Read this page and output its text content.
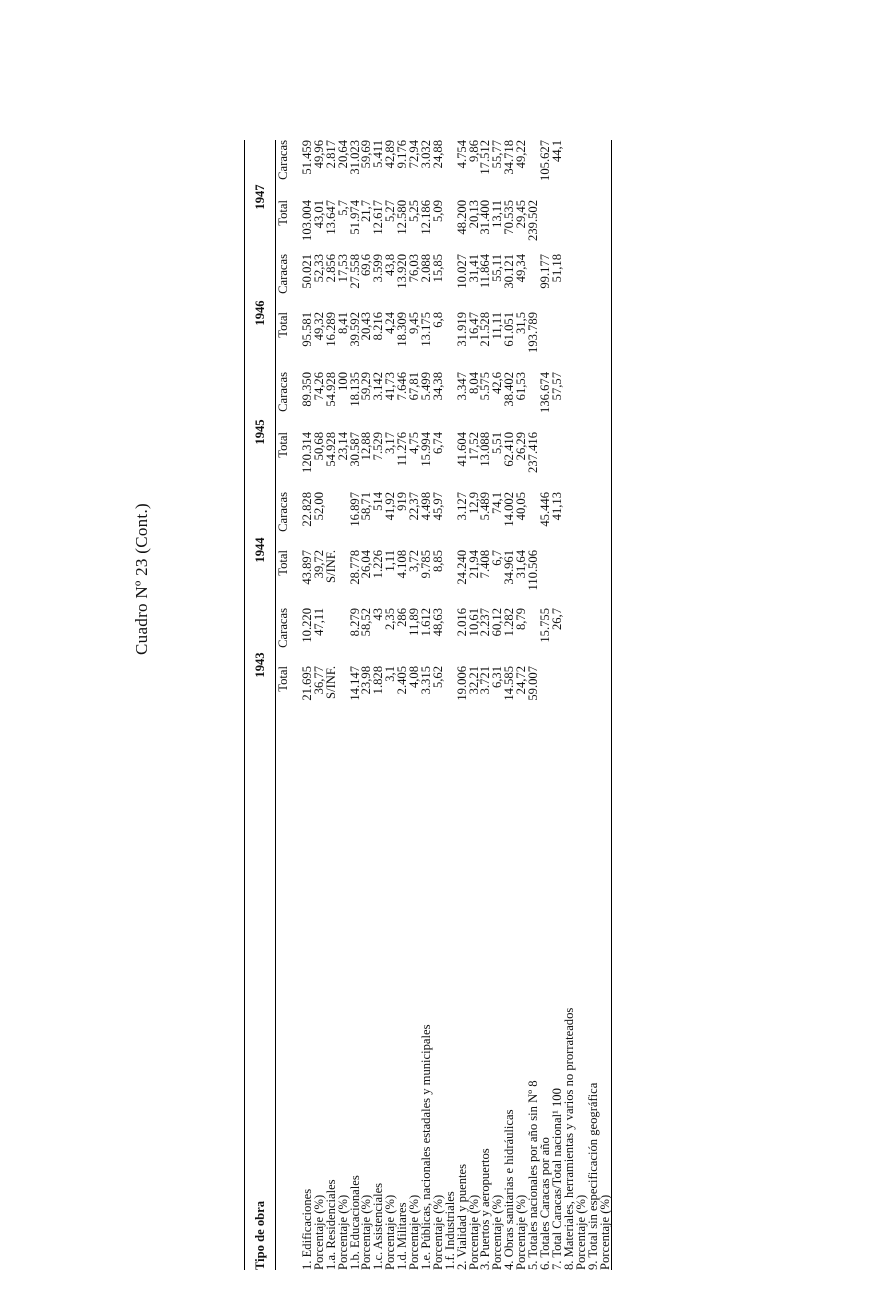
Cuadro Nº 23 (Cont.)

Tipo de obra	1943		1944		1945		1946		1947	

	Total	Caracas	Total	Caracas	Total	Caracas	Total	Caracas	Total	Caracas

1. Edificaciones	21.695	10.220	43.897	22.828	120.314	89.350	95.581	50.021	103.004	51.459
Porcentaje (%)	36,77	47,11	39,72	52,00	50,68	74,26	49,32	52,33	43,01	49,96
1.a. Residenciales	S/INF.		S/INF.		54.928	54.928	16.289	2.856	13.647	2.817
Porcentaje (%)					23,14	100	8,41	17,53	5,7	20,64
1.b. Educacionales	14.147	8.279	28.778	16.897	30.587	18.135	39.592	27.558	51.974	31.023
Porcentaje (%)	23,98	58,52	26,04	58,71	12,88	59,29	20,43	69,6	21,7	59,69
1.c. Asistenciales	1.828	43	1.226	514	7.529	3.142	8.216	3.599	12.617	5.411
Porcentaje (%)	3,1	2,35	1,11	41,92	3,17	41,73	4,24	43,8	5,27	42,89
1.d. Militares	2.405	286	4.108	919	11.276	7.646	18.309	13.920	12.580	9.176
Porcentaje (%)	4,08	11,89	3,72	22,37	4,75	67,81	9,45	76,03	5,25	72,94
1.e. Públicas, nacionales estadales y municipales	3.315	1.612	9.785	4.498	15.994	5.499	13.175	2.088	12.186	3.032
Porcentaje (%)	5,62	48,63	8,85	45,97	6,74	34,38	6,8	15,85	5,09	24,88
1.f. Industriales										
2. Vialidad y puentes	19.006	2.016	24.240	3.127	41.604	3.347	31.919	10.027	48.200	4.754
Porcentaje (%)	32,21	10,61	21,94	12,9	17,52	8,04	16,47	31,41	20,13	9,86
3. Puertos y aeropuertos	3.721	2.237	7.408	5.489	13.088	5.575	21.528	11.864	31.400	17.512
Porcentaje (%)	6,31	60,12	6,7	74,1	5,51	42,6	11,11	55,11	13,11	55,77
4. Obras sanitarias e hidráulicas	14.585	1.282	34.961	14.002	62.410	38.402	61.051	30.121	70.535	34.718
Porcentaje (%)	24,72	8,79	31,64	40,05	26,29	61,53	31,5	49,34	29,45	49,22
5. Totales nacionales por año sin Nº 8	59.007		110.506		237.416		193.789		239.502	
6. Totales Caracas por año		15.755		45.446		136.674		99.177		105.627
7. Total Caracas/Total nacional¹ 100		26,7		41,13		57,57		51,18		44,1
8. Materiales, herramientas y varios no prorrateados										
Porcentaje (%)										
9. Total sin especificación geográfica										
Porcentaje (%)										
